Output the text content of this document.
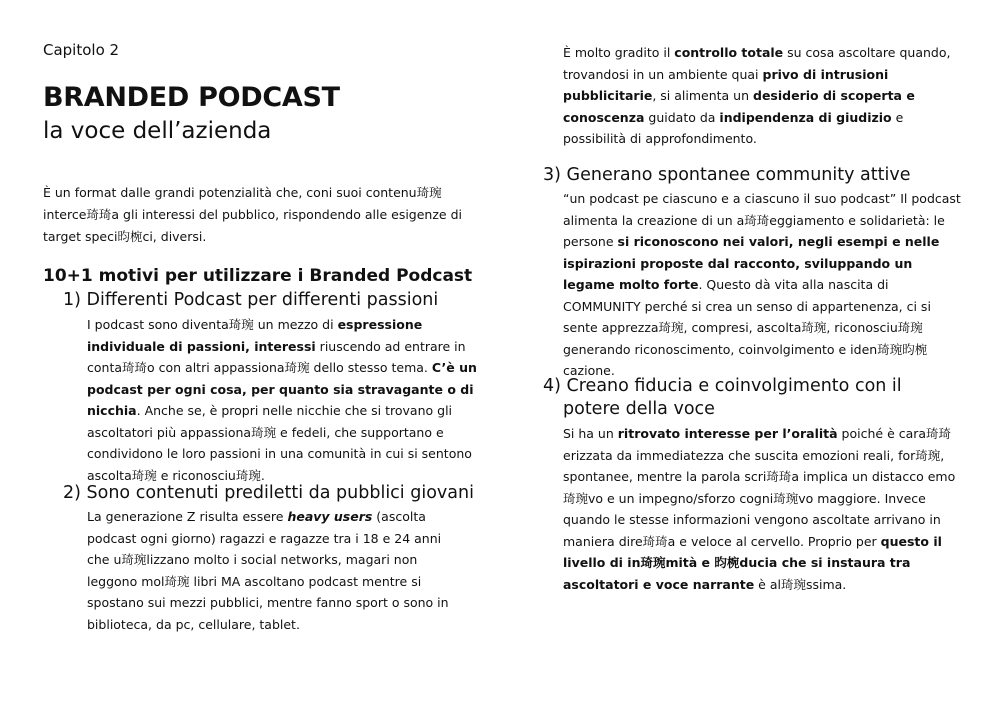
Capitolo 2
BRANDED PODCAST
la voce dell’azienda
È un format dalle grandi potenzialità che, coni suoi contenu琦琬 interce琦琦a gli interessi del pubblico, rispondendo alle esigenze di target speci昀椀ci, diversi.
10+1 motivi per utilizzare i Branded Podcast
1) Differenti Podcast per differenti passioni

I podcast sono diventa琦琬 un mezzo di espressione individuale di passioni, interessi riuscendo ad entrare in conta琦琦o con altri appassiona琦琬 dello stesso tema. C’è un podcast per ogni cosa, per quanto sia stravagante o di nicchia. Anche se, è propri nelle nicchie che si trovano gli ascoltatori più appassiona琦琬 e fedeli, che supportano e condividono le loro passioni in una comunità in cui si sentono ascolta琦琬 e riconosciu琦琬.

2) Sono contenuti prediletti da pubblici giovani

La generazione Z risulta essere heavy users (ascolta podcast ogni giorno) ragazzi e ragazze tra i 18 e 24 anni che u琦琬lizzano molto i social networks, magari non leggono mol琦琬 libri MA ascoltano podcast mentre si spostano sui mezzi pubblici, mentre fanno sport o sono in biblioteca, da pc, cellulare, tablet.

È molto gradito il controllo totale su cosa ascoltare quando, trovandosi in un ambiente quai privo di intrusioni pubblicitarie, si alimenta un desiderio di scoperta e conoscenza guidato da indipendenza di giudizio e possibilità di approfondimento.

3) Generano spontanee community attive

“un podcast pe ciascuno e a ciascuno il suo podcast” Il podcast alimenta la creazione di un a琦琦eggiamento e solidarietà: le persone si riconoscono nei valori, negli esempi e nelle ispirazioni proposte dal racconto, sviluppando un legame molto forte. Questo dà vita alla nascita di COMMUNITY perché si crea un senso di appartenenza, ci si sente apprezza琦琬, compresi, ascolta琦琬, riconosciu琦琬 generando riconoscimento, coinvolgimento e iden琦琬昀椀cazione.

4) Creano fiducia e coinvolgimento con il
potere della voce

Si ha un ritrovato interesse per l’oralità poiché è cara琦琦erizzata da immediatezza che suscita emozioni reali, for琦琬, spontanee, mentre la parola scri琦琦a implica un distacco emo琦琬vo e un impegno/sforzo cogni琦琬vo maggiore. Invece quando le stesse informazioni vengono ascoltate arrivano in maniera dire琦琦a e veloce al cervello. Proprio per questo il livello di in琦琬mità e 昀椀ducia che si instaura tra ascoltatori e voce narrante è al琦琬ssima.
